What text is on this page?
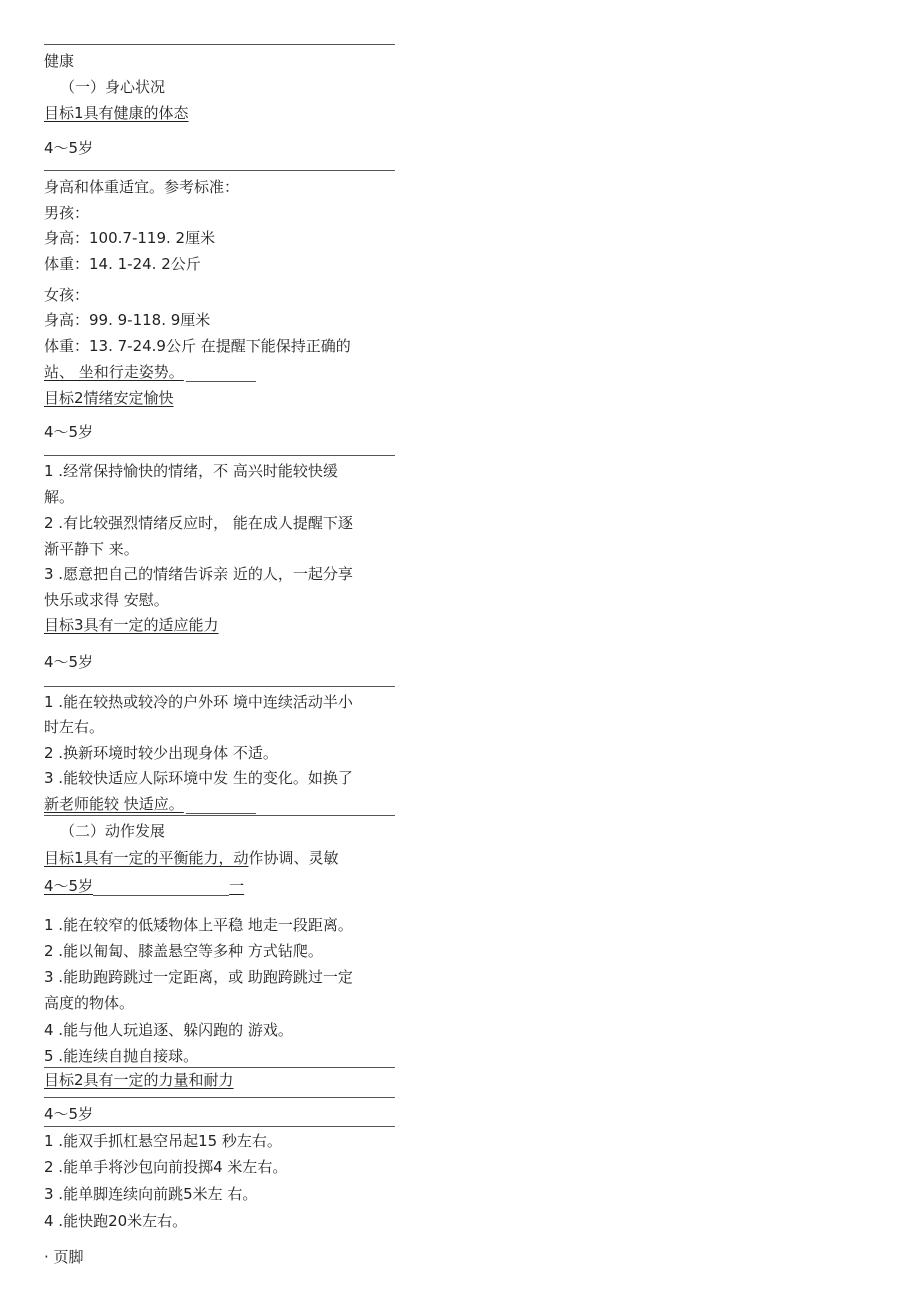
健康
（一）身心状况
目标1具有健康的体态
4〜5岁
身高和体重适宜。参考标准：
男孩：
身高：100.7-119. 2厘米
体重：14. 1-24. 2公斤
女孩：
身高：99. 9-118. 9厘米
体重：13. 7-24.9公斤 在提醒下能保持正确的
站、 坐和行走姿势。
目标2情绪安定愉快
4〜5岁
1 .经常保持愉快的情绪，不 高兴时能较快缓
解。
2 .有比较强烈情绪反应时， 能在成人提醒下逐
渐平静下 来。
3 .愿意把自己的情绪告诉亲 近的人，一起分享
快乐或求得 安慰。
目标3具有一定的适应能力
4〜5岁
1 .能在较热或较冷的户外环 境中连续活动半小
时左右。
2 .换新环境时较少出现身体 不适。
3 .能较快适应人际环境中发 生的变化。如换了
新老师能较 快适应。
（二）动作发展
目标1具有一定的平衡能力，动作协调、灵敏
4〜5岁	一
1 .能在较窄的低矮物体上平稳 地走一段距离。
2 .能以匍匐、膝盖悬空等多种 方式钻爬。
3 .能助跑跨跳过一定距离，或 助跑跨跳过一定
高度的物体。
4 .能与他人玩追逐、躲闪跑的 游戏。
5 .能连续自抛自接球。
目标2具有一定的力量和耐力
4〜5岁
1 .能双手抓杠悬空吊起15 秒左右。
2 .能单手将沙包向前投掷4 米左右。
3 .能单脚连续向前跳5米左 右。
4 .能快跑20米左右。
· 页脚
